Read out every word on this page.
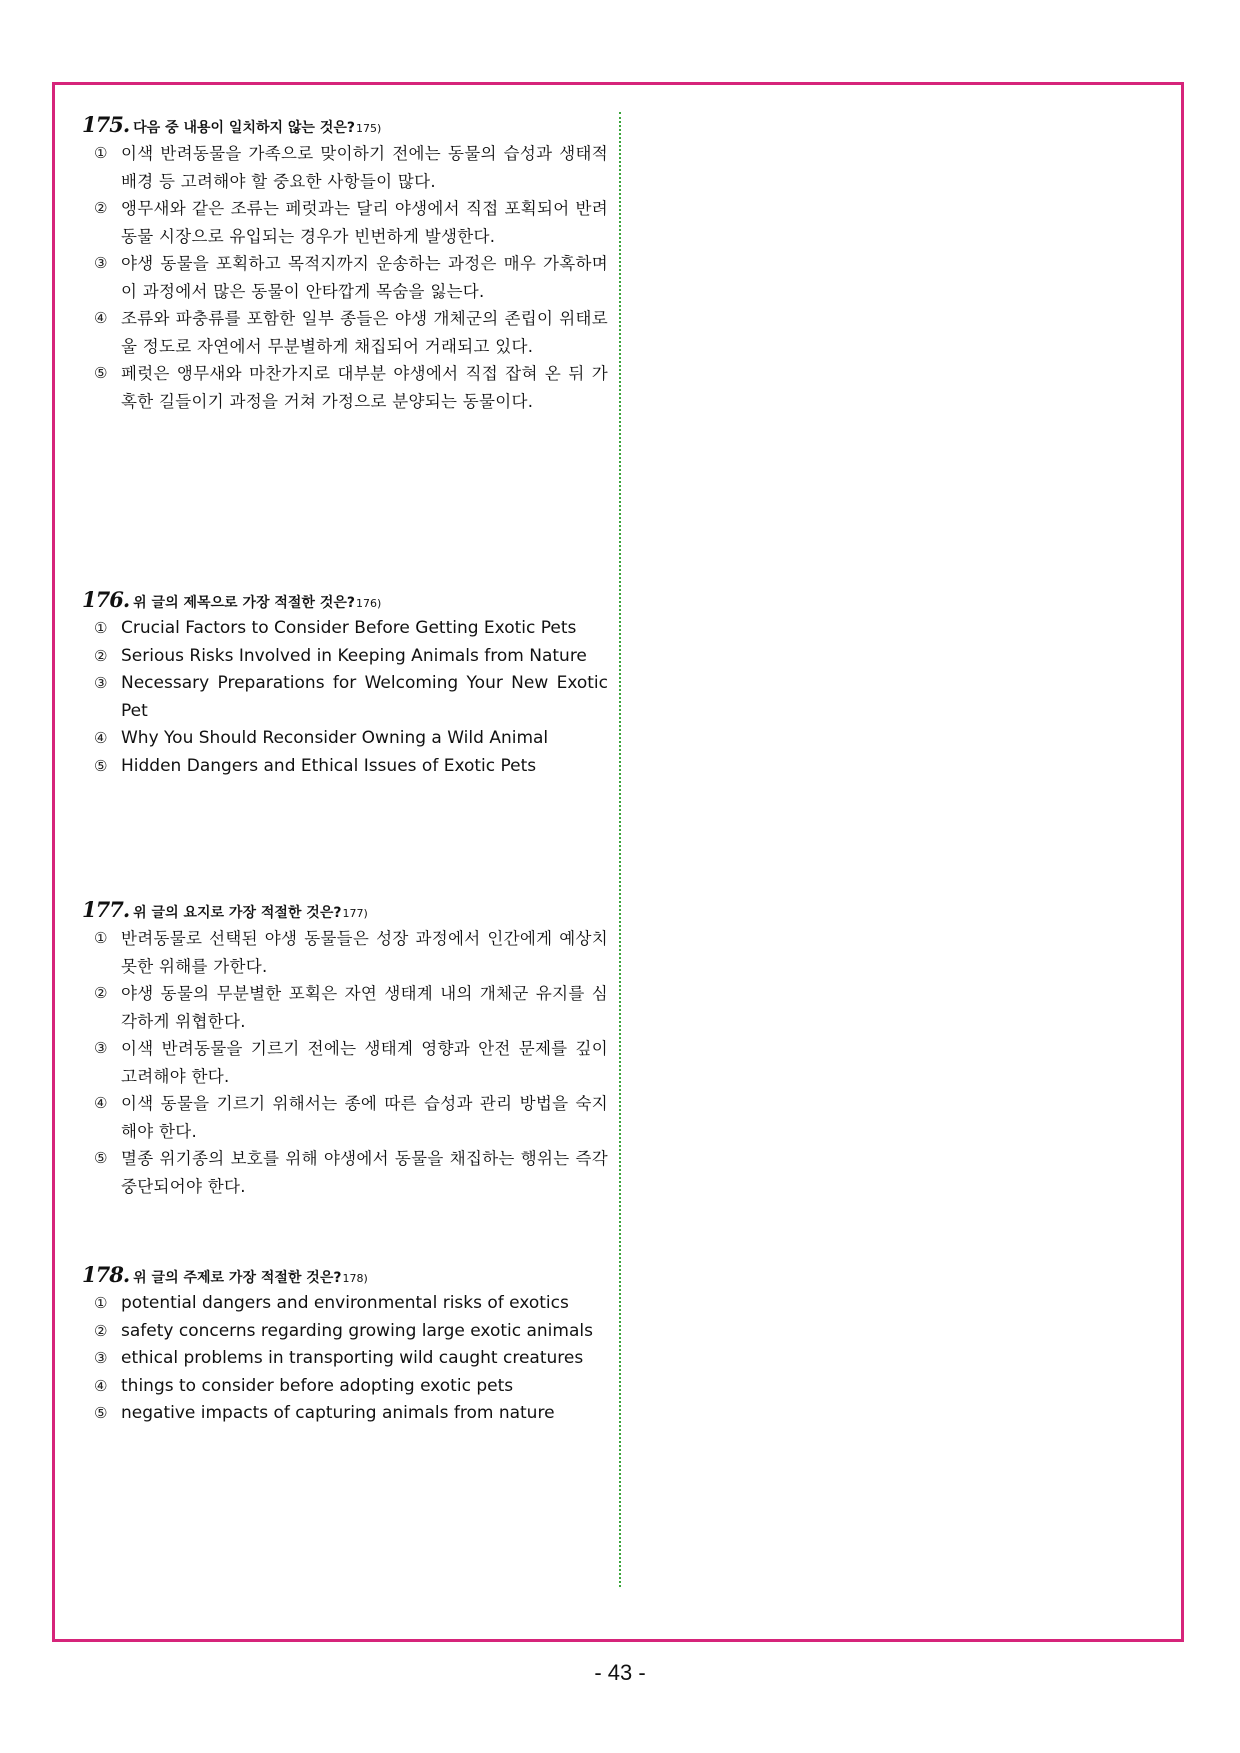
175. 다음 중 내용이 일치하지 않는 것은? 175)
① 이색 반려동물을 가족으로 맞이하기 전에는 동물의 습성과 생태적 배경 등 고려해야 할 중요한 사항들이 많다.
② 앵무새와 같은 조류는 페럿과는 달리 야생에서 직접 포획되어 반려동물 시장으로 유입되는 경우가 빈번하게 발생한다.
③ 야생 동물을 포획하고 목적지까지 운송하는 과정은 매우 가혹하며 이 과정에서 많은 동물이 안타깝게 목숨을 잃는다.
④ 조류와 파충류를 포함한 일부 종들은 야생 개체군의 존립이 위태로울 정도로 자연에서 무분별하게 채집되어 거래되고 있다.
⑤ 페럿은 앵무새와 마찬가지로 대부분 야생에서 직접 잡혀 온 뒤 가혹한 길들이기 과정을 거쳐 가정으로 분양되는 동물이다.
176. 위 글의 제목으로 가장 적절한 것은? 176)
① Crucial Factors to Consider Before Getting Exotic Pets
② Serious Risks Involved in Keeping Animals from Nature
③ Necessary Preparations for Welcoming Your New Exotic Pet
④ Why You Should Reconsider Owning a Wild Animal
⑤ Hidden Dangers and Ethical Issues of Exotic Pets
177. 위 글의 요지로 가장 적절한 것은? 177)
① 반려동물로 선택된 야생 동물들은 성장 과정에서 인간에게 예상치 못한 위해를 가한다.
② 야생 동물의 무분별한 포획은 자연 생태계 내의 개체군 유지를 심각하게 위협한다.
③ 이색 반려동물을 기르기 전에는 생태계 영향과 안전 문제를 깊이 고려해야 한다.
④ 이색 동물을 기르기 위해서는 종에 따른 습성과 관리 방법을 숙지해야 한다.
⑤ 멸종 위기종의 보호를 위해 야생에서 동물을 채집하는 행위는 즉각 중단되어야 한다.
178. 위 글의 주제로 가장 적절한 것은? 178)
① potential dangers and environmental risks of exotics
② safety concerns regarding growing large exotic animals
③ ethical problems in transporting wild caught creatures
④ things to consider before adopting exotic pets
⑤ negative impacts of capturing animals from nature
- 43 -
